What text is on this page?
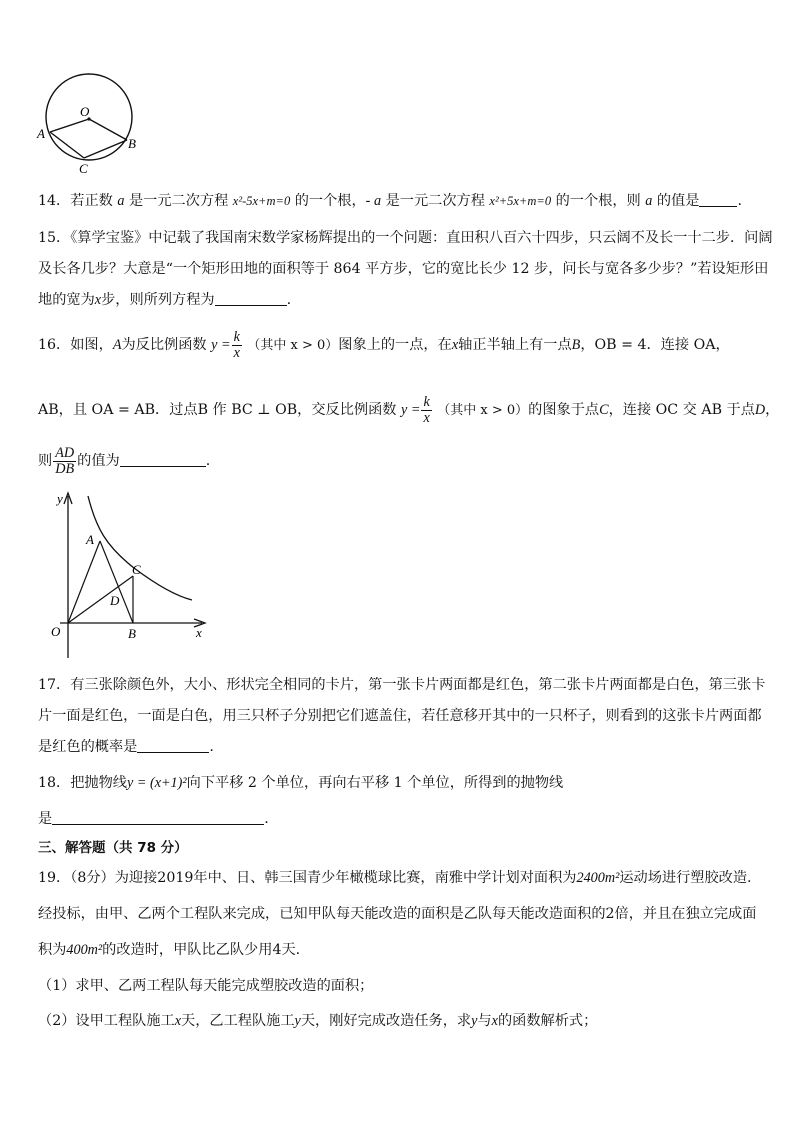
O
A
B
C
14．若正数 a 是一元二次方程 x²-5x+m=0 的一个根，- a 是一元二次方程 x²+5x+m=0 的一个根，则 a 的值是	.
15．《算学宝鉴》中记载了我国南宋数学家杨辉提出的一个问题：直田积八百六十四步，只云阔不及长一十二步．问阔
及长各几步？大意是“一个矩形田地的面积等于 864 平方步，它的宽比长少 12 步，问长与宽各多少步？”若设矩形田
地的宽为x步，则所列方程为	.
16．如图，A为反比例函数 $y = \frac{k}{x}$ （其中 x > 0）图象上的一点，在x轴正半轴上有一点B，OB = 4．连接 OA，
AB，且 OA = AB．过点B 作 BC ⊥ OB，交反比例函数 $y = \frac{k}{x}$ （其中 x > 0）的图象于点C，连接 OC 交 AB 于点D，
则 $\frac{AD}{DB}$ 的值为	.
y
x
O
A
B
C
D
17．有三张除颜色外，大小、形状完全相同的卡片，第一张卡片两面都是红色，第二张卡片两面都是白色，第三张卡
片一面是红色，一面是白色，用三只杯子分别把它们遮盖住，若任意移开其中的一只杯子，则看到的这张卡片两面都
是红色的概率是	.
18．把抛物线y = (x+1)²向下平移 2 个单位，再向右平移 1 个单位，所得到的抛物线
是	.
三、解答题（共 78 分）
19．（8分）为迎接2019年中、日、韩三国青少年橄榄球比赛，南雅中学计划对面积为2400m²运动场进行塑胶改造.
经投标，由甲、乙两个工程队来完成，已知甲队每天能改造的面积是乙队每天能改造面积的2倍，并且在独立完成面
积为400m²的改造时，甲队比乙队少用4天.
（1）求甲、乙两工程队每天能完成塑胶改造的面积；
（2）设甲工程队施工x天，乙工程队施工y天，刚好完成改造任务，求y与x的函数解析式；
